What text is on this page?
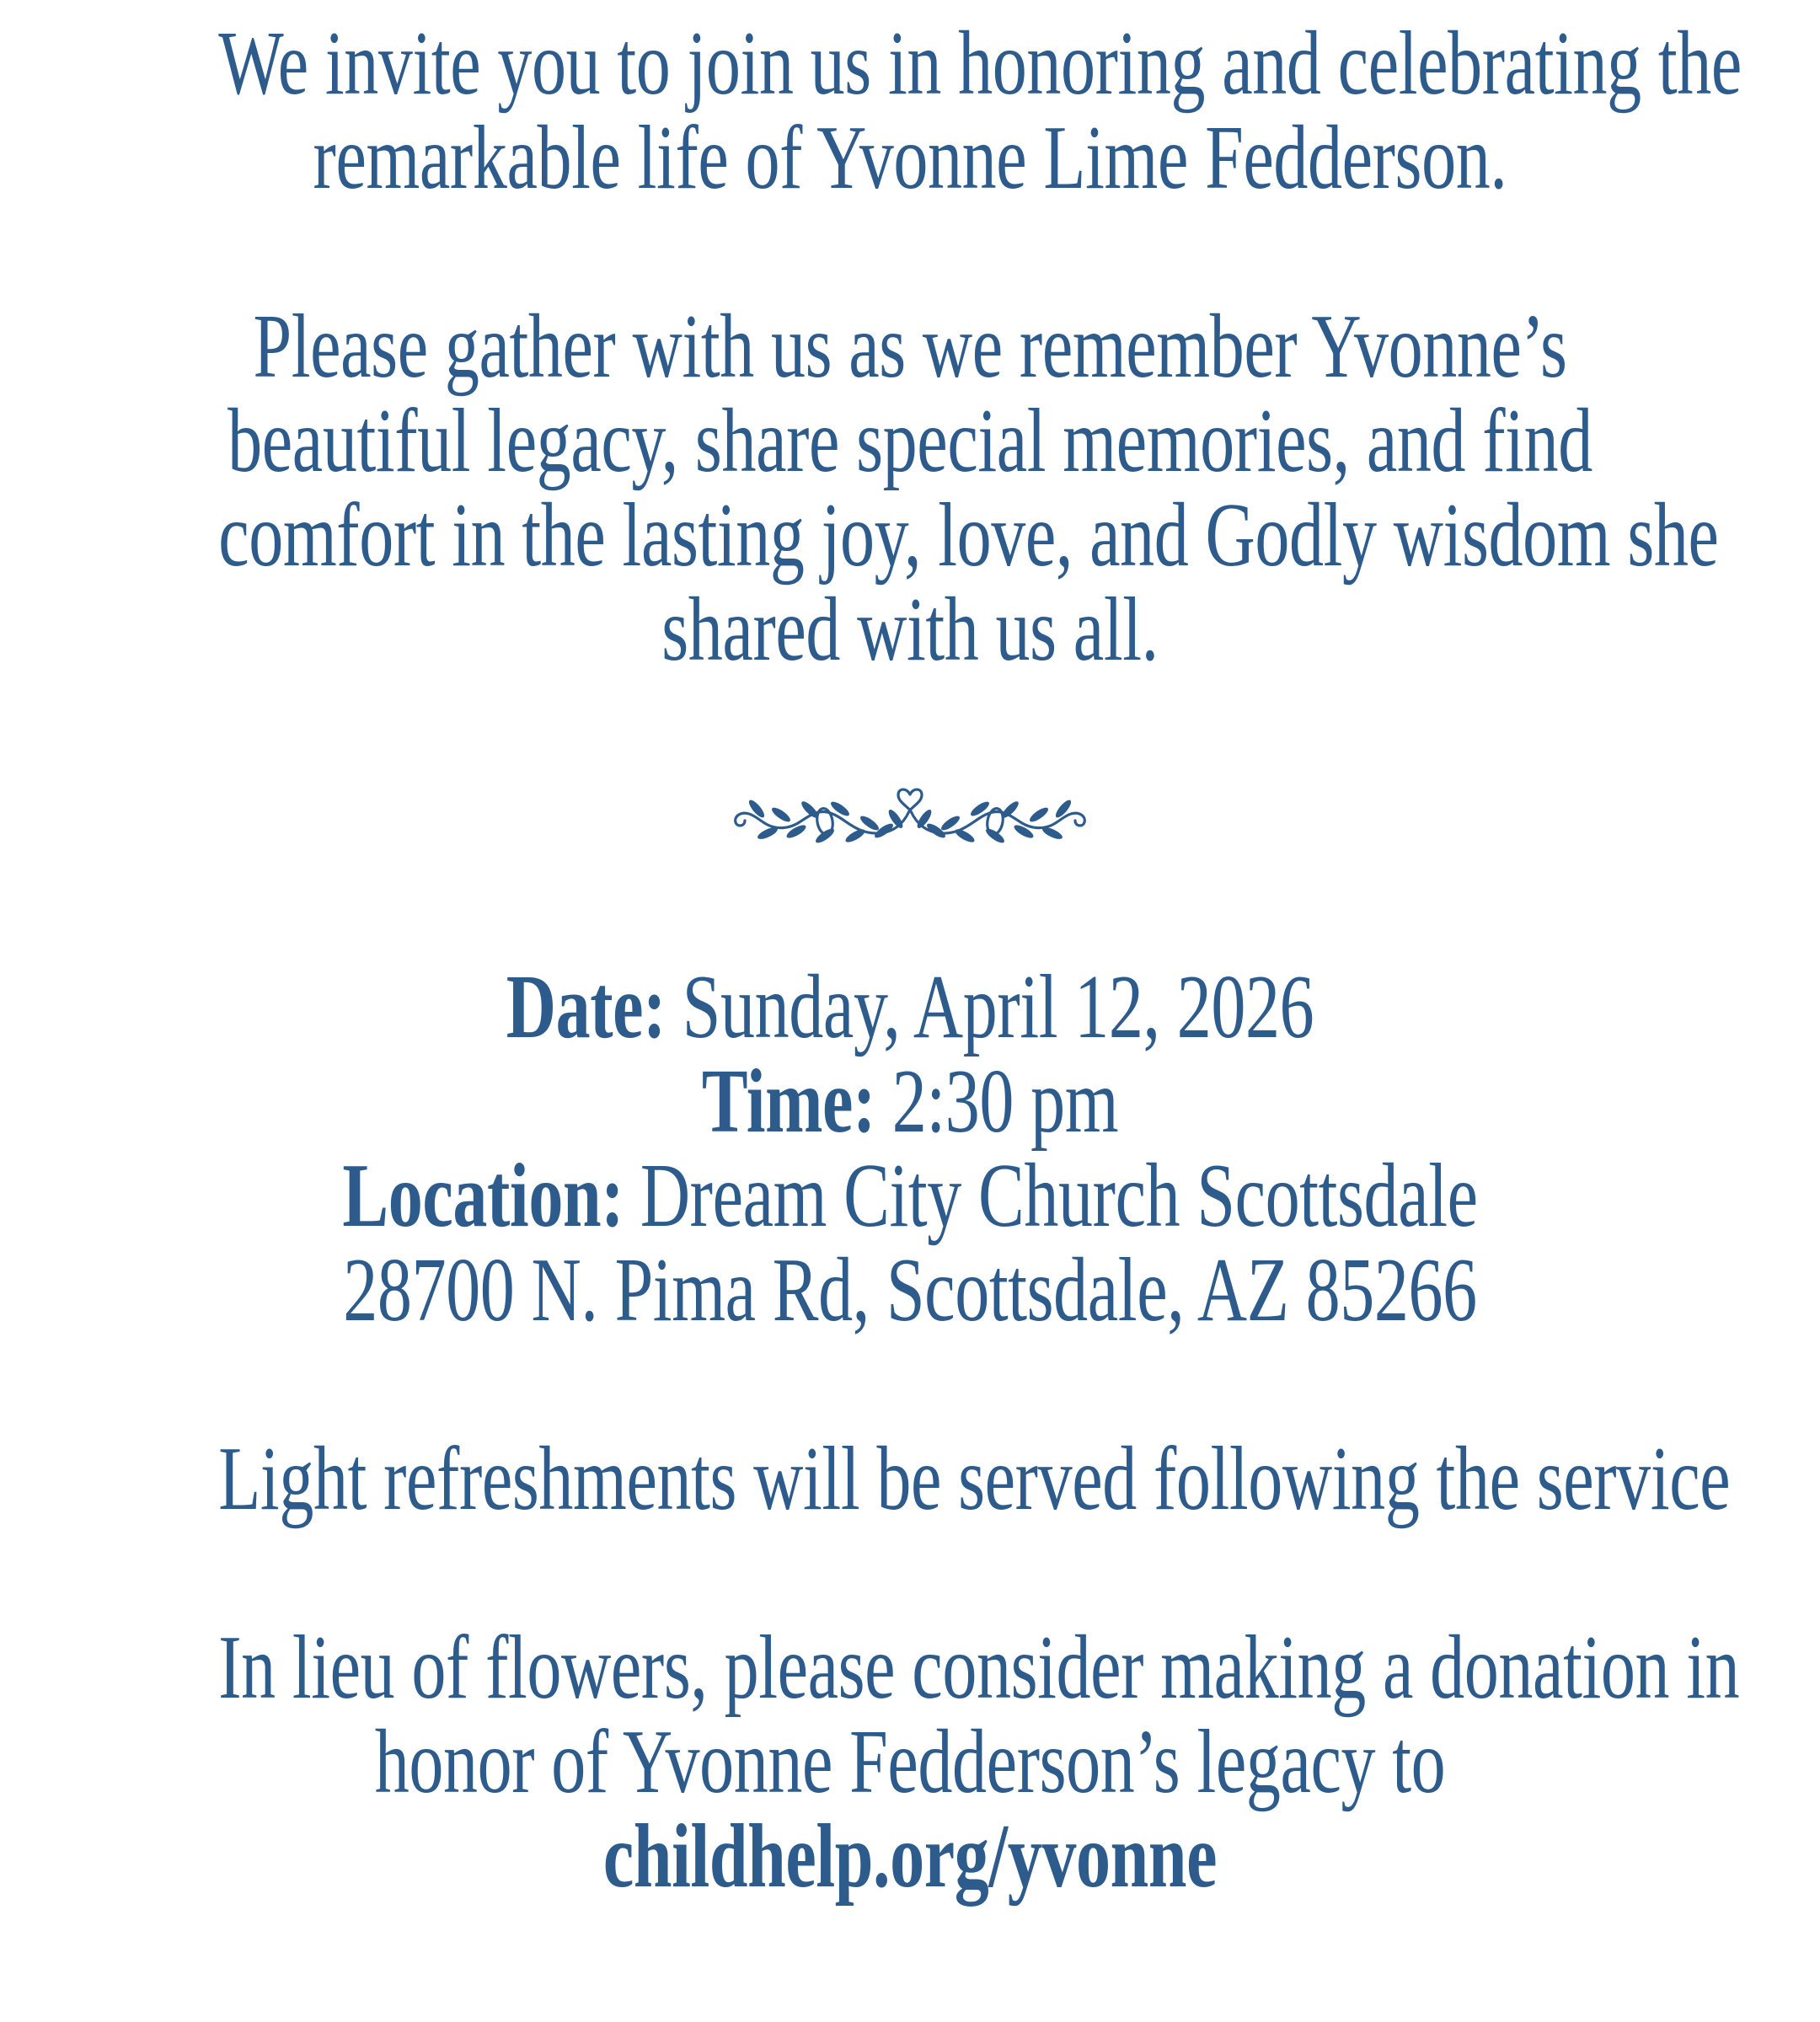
We invite you to join us in honoring and celebrating the
remarkable life of Yvonne Lime Fedderson.
Please gather with us as we remember Yvonne’s
beautiful legacy, share special memories, and find
comfort in the lasting joy, love, and Godly wisdom she
shared with us all.
Date: Sunday, April 12, 2026
Time: 2:30 pm
Location: Dream City Church Scottsdale
28700 N. Pima Rd, Scottsdale, AZ 85266
Light refreshments will be served following the service
In lieu of flowers, please consider making a donation in
honor of Yvonne Fedderson’s legacy to
childhelp.org/yvonne
